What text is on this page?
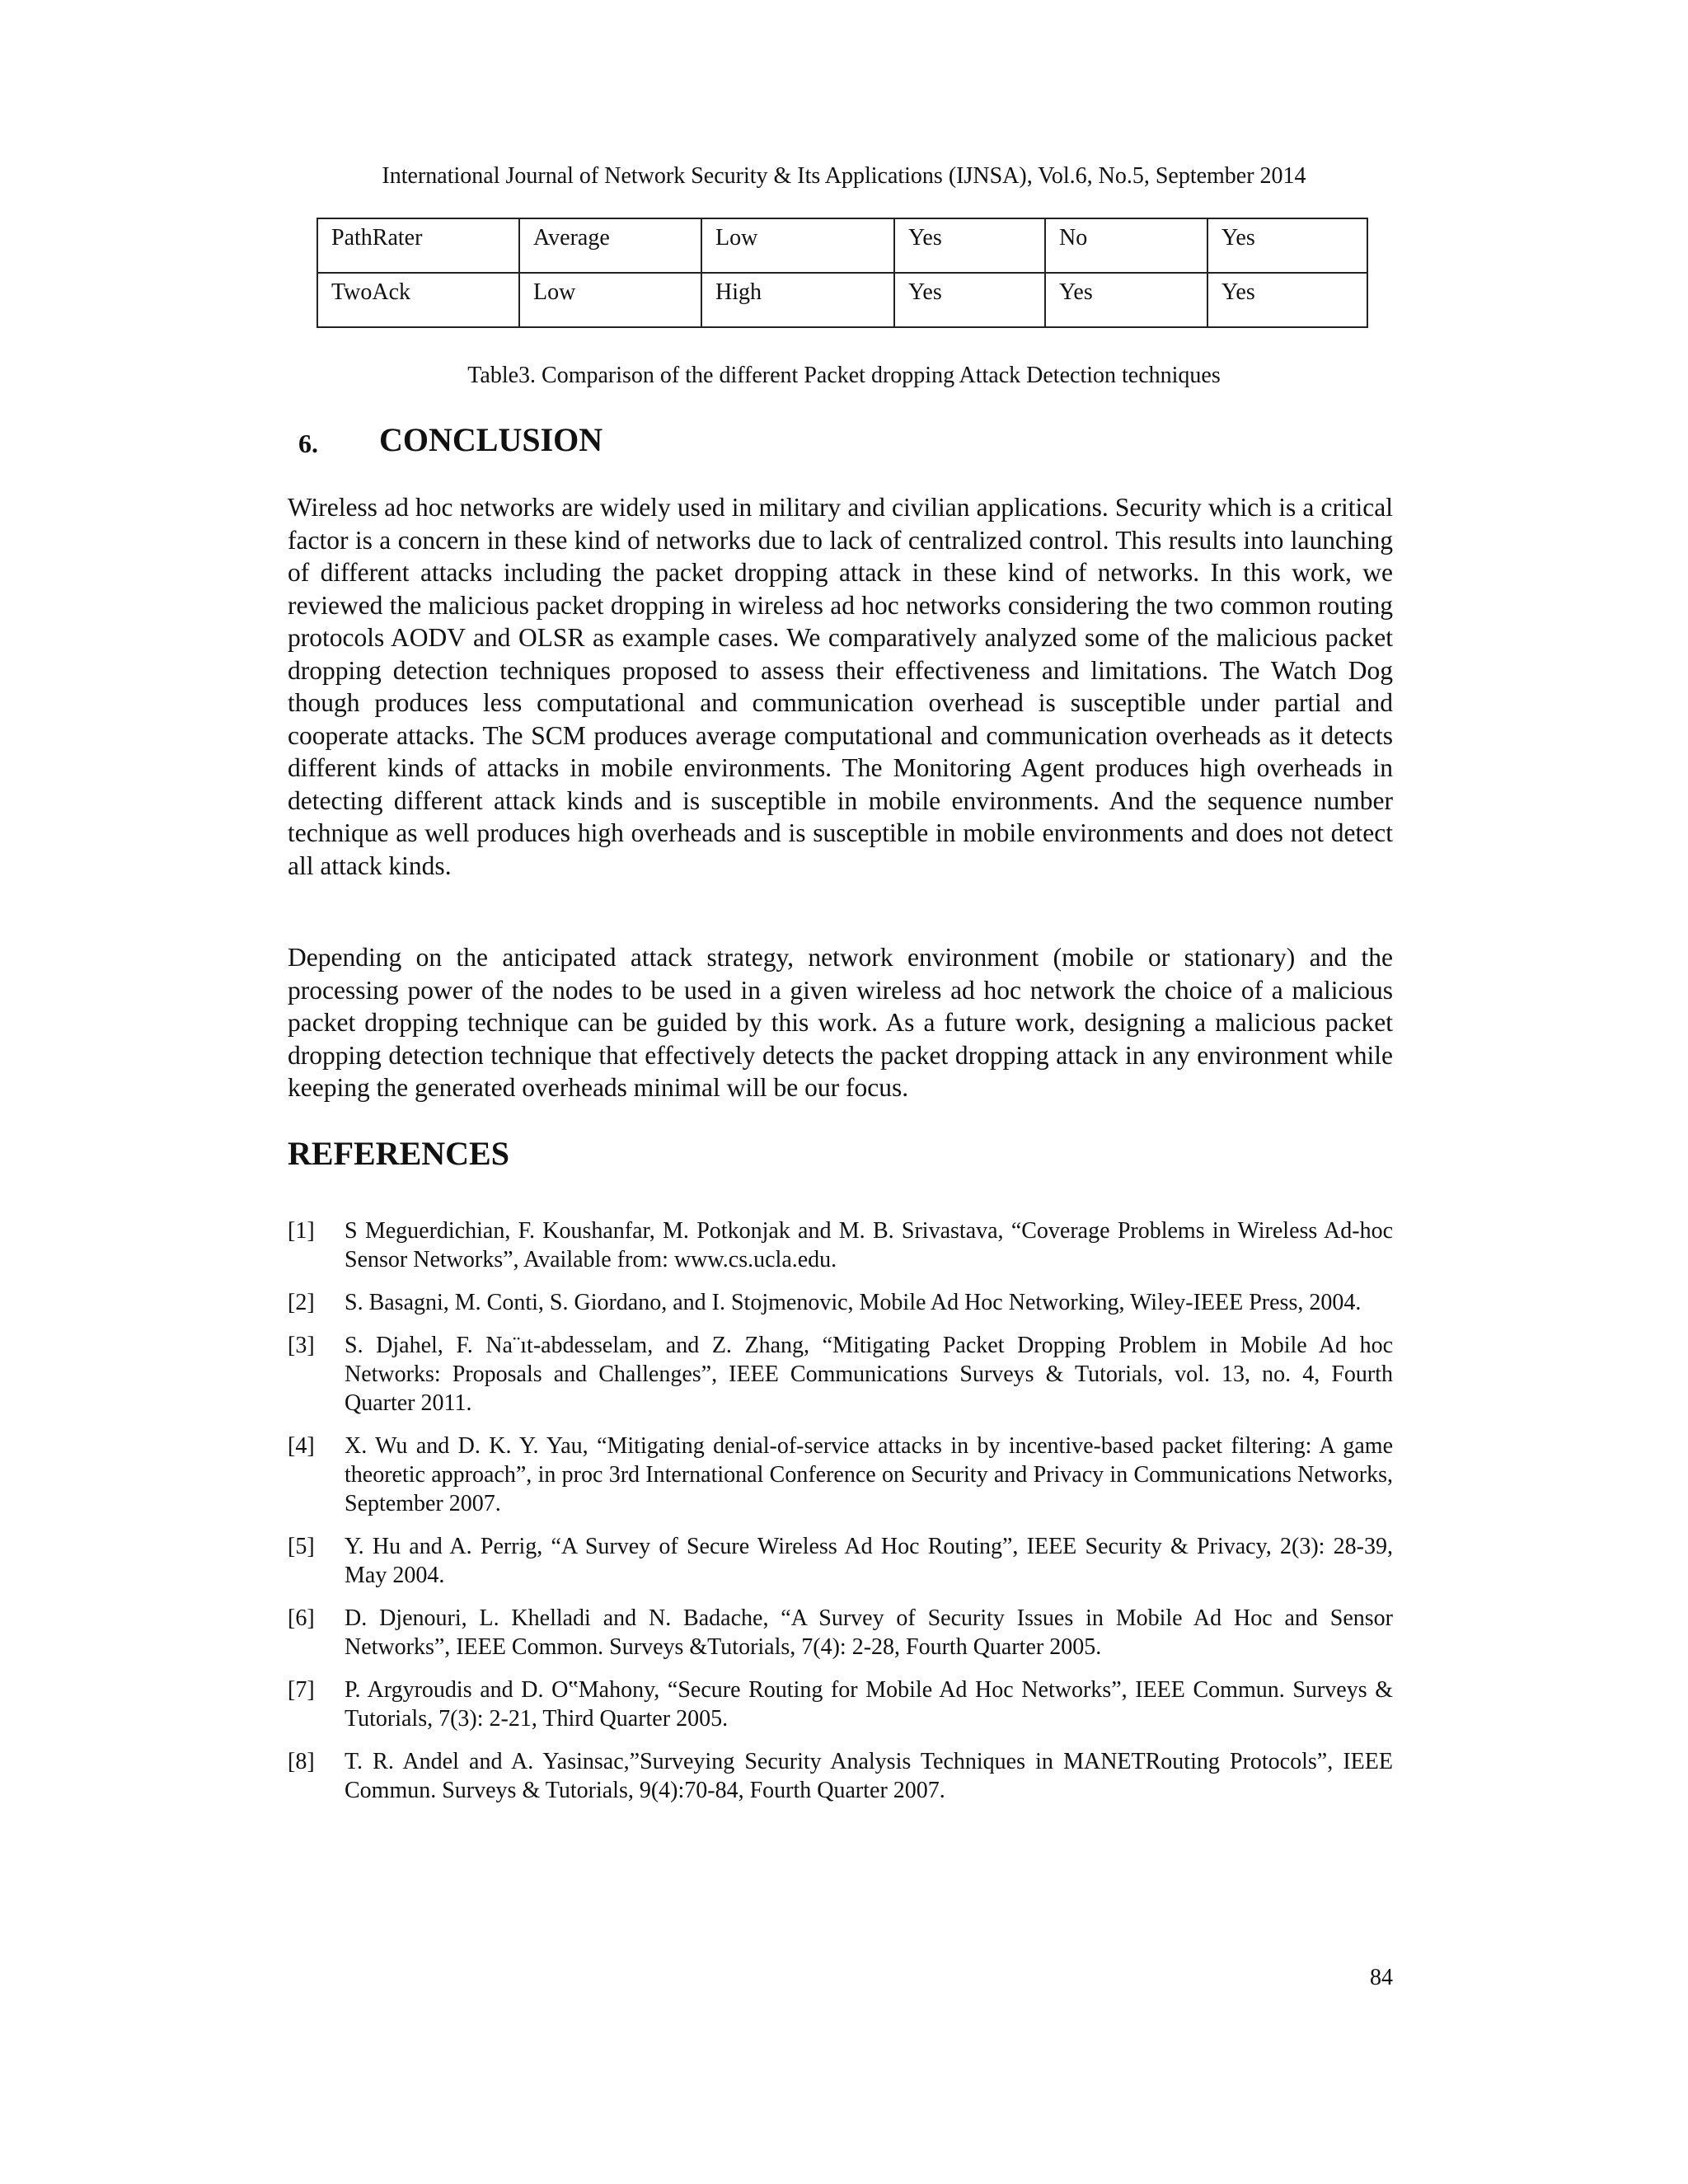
International Journal of Network Security & Its Applications (IJNSA), Vol.6, No.5, September 2014
PathRater	Average	Low	Yes	No	Yes
TwoAck	Low	High	Yes	Yes	Yes
Table3. Comparison of the different Packet dropping Attack Detection techniques
6. CONCLUSION

Wireless ad hoc networks are widely used in military and civilian applications. Security which is a critical factor is a concern in these kind of networks due to lack of centralized control. This results into launching of different attacks including the packet dropping attack in these kind of networks. In this work, we reviewed the malicious packet dropping in wireless ad hoc networks considering the two common routing protocols AODV and OLSR as example cases. We comparatively analyzed some of the malicious packet dropping detection techniques proposed to assess their effectiveness and limitations. The Watch Dog though produces less computational and communication overhead is susceptible under partial and cooperate attacks. The SCM produces average computational and communication overheads as it detects different kinds of attacks in mobile environments. The Monitoring Agent produces high overheads in detecting different attack kinds and is susceptible in mobile environments. And the sequence number technique as well produces high overheads and is susceptible in mobile environments and does not detect all attack kinds.

Depending on the anticipated attack strategy, network environment (mobile or stationary) and the processing power of the nodes to be used in a given wireless ad hoc network the choice of a malicious packet dropping technique can be guided by this work. As a future work, designing a malicious packet dropping detection technique that effectively detects the packet dropping attack in any environment while keeping the generated overheads minimal will be our focus.

REFERENCES
[1] S Meguerdichian, F. Koushanfar, M. Potkonjak and M. B. Srivastava, “Coverage Problems in Wireless Ad-hoc Sensor Networks”, Available from: www.cs.ucla.edu.
[2] S. Basagni, M. Conti, S. Giordano, and I. Stojmenovic, Mobile Ad Hoc Networking, Wiley-IEEE Press, 2004.
[3] S. Djahel, F. Na¨ıt-abdesselam, and Z. Zhang, “Mitigating Packet Dropping Problem in Mobile Ad hoc Networks: Proposals and Challenges”, IEEE Communications Surveys & Tutorials, vol. 13, no. 4, Fourth Quarter 2011.
[4] X. Wu and D. K. Y. Yau, “Mitigating denial-of-service attacks in by incentive-based packet filtering: A game theoretic approach”, in proc 3rd International Conference on Security and Privacy in Communications Networks, September 2007.
[5] Y. Hu and A. Perrig, “A Survey of Secure Wireless Ad Hoc Routing”, IEEE Security & Privacy, 2(3): 28-39, May 2004.
[6] D. Djenouri, L. Khelladi and N. Badache, “A Survey of Security Issues in Mobile Ad Hoc and Sensor Networks”, IEEE Common. Surveys &Tutorials, 7(4): 2-28, Fourth Quarter 2005.
[7] P. Argyroudis and D. O‟Mahony, “Secure Routing for Mobile Ad Hoc Networks”, IEEE Commun. Surveys & Tutorials, 7(3): 2-21, Third Quarter 2005.
[8] T. R. Andel and A. Yasinsac,”Surveying Security Analysis Techniques in MANETRouting Protocols”, IEEE Commun. Surveys & Tutorials, 9(4):70-84, Fourth Quarter 2007.
84
